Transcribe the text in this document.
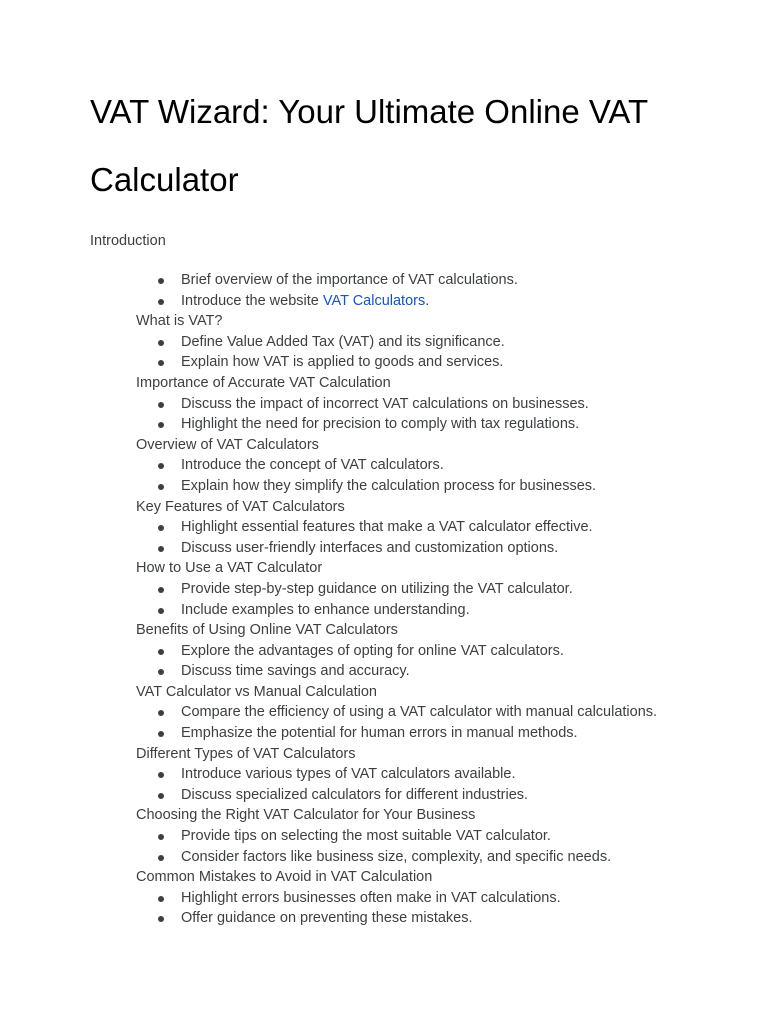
VAT Wizard: Your Ultimate Online VAT Calculator
Introduction
Brief overview of the importance of VAT calculations.
Introduce the website VAT Calculators.
What is VAT?
Define Value Added Tax (VAT) and its significance.
Explain how VAT is applied to goods and services.
Importance of Accurate VAT Calculation
Discuss the impact of incorrect VAT calculations on businesses.
Highlight the need for precision to comply with tax regulations.
Overview of VAT Calculators
Introduce the concept of VAT calculators.
Explain how they simplify the calculation process for businesses.
Key Features of VAT Calculators
Highlight essential features that make a VAT calculator effective.
Discuss user-friendly interfaces and customization options.
How to Use a VAT Calculator
Provide step-by-step guidance on utilizing the VAT calculator.
Include examples to enhance understanding.
Benefits of Using Online VAT Calculators
Explore the advantages of opting for online VAT calculators.
Discuss time savings and accuracy.
VAT Calculator vs Manual Calculation
Compare the efficiency of using a VAT calculator with manual calculations.
Emphasize the potential for human errors in manual methods.
Different Types of VAT Calculators
Introduce various types of VAT calculators available.
Discuss specialized calculators for different industries.
Choosing the Right VAT Calculator for Your Business
Provide tips on selecting the most suitable VAT calculator.
Consider factors like business size, complexity, and specific needs.
Common Mistakes to Avoid in VAT Calculation
Highlight errors businesses often make in VAT calculations.
Offer guidance on preventing these mistakes.
